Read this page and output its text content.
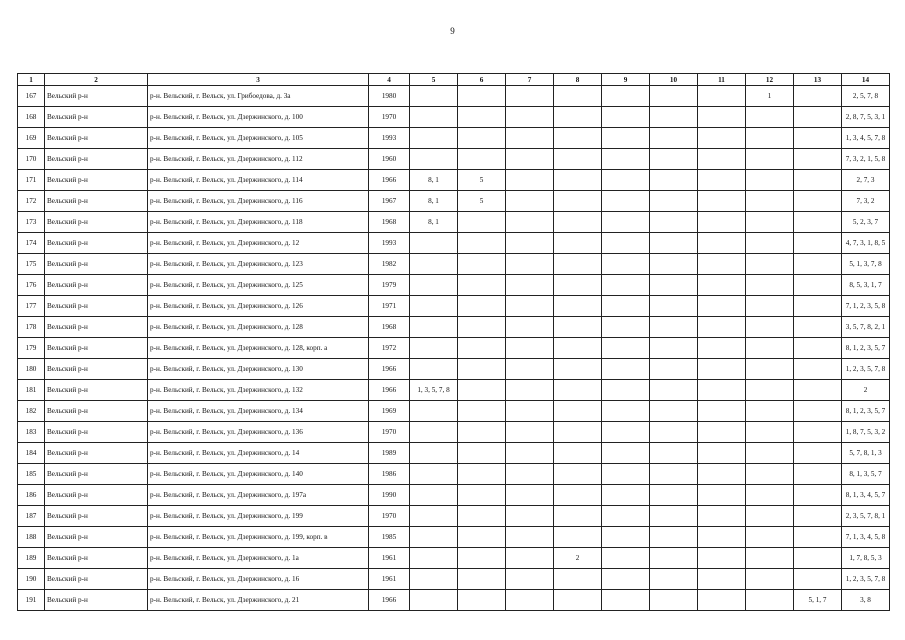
9
1	2	3	4	5	6	7	8	9	10	11	12	13	14
167	Вельский р-н	р-н. Вельский, г. Вельск, ул. Грибоедова, д. 3а	1980								1		2, 5, 7, 8
168	Вельский р-н	р-н. Вельский, г. Вельск, ул. Дзержинского, д. 100	1970										2, 8, 7, 5, 3, 1
169	Вельский р-н	р-н. Вельский, г. Вельск, ул. Дзержинского, д. 105	1993										1, 3, 4, 5, 7, 8
170	Вельский р-н	р-н. Вельский, г. Вельск, ул. Дзержинского, д. 112	1960										7, 3, 2, 1, 5, 8
171	Вельский р-н	р-н. Вельский, г. Вельск, ул. Дзержинского, д. 114	1966	8, 1	5								2, 7, 3
172	Вельский р-н	р-н. Вельский, г. Вельск, ул. Дзержинского, д. 116	1967	8, 1	5								7, 3, 2
173	Вельский р-н	р-н. Вельский, г. Вельск, ул. Дзержинского, д. 118	1968	8, 1									5, 2, 3, 7
174	Вельский р-н	р-н. Вельский, г. Вельск, ул. Дзержинского, д. 12	1993										4, 7, 3, 1, 8, 5
175	Вельский р-н	р-н. Вельский, г. Вельск, ул. Дзержинского, д. 123	1982										5, 1, 3, 7, 8
176	Вельский р-н	р-н. Вельский, г. Вельск, ул. Дзержинского, д. 125	1979										8, 5, 3, 1, 7
177	Вельский р-н	р-н. Вельский, г. Вельск, ул. Дзержинского, д. 126	1971										7, 1, 2, 3, 5, 8
178	Вельский р-н	р-н. Вельский, г. Вельск, ул. Дзержинского, д. 128	1968										3, 5, 7, 8, 2, 1
179	Вельский р-н	р-н. Вельский, г. Вельск, ул. Дзержинского, д. 128, корп. а	1972										8, 1, 2, 3, 5, 7
180	Вельский р-н	р-н. Вельский, г. Вельск, ул. Дзержинского, д. 130	1966										1, 2, 3, 5, 7, 8
181	Вельский р-н	р-н. Вельский, г. Вельск, ул. Дзержинского, д. 132	1966	1, 3, 5, 7, 8									2
182	Вельский р-н	р-н. Вельский, г. Вельск, ул. Дзержинского, д. 134	1969										8, 1, 2, 3, 5, 7
183	Вельский р-н	р-н. Вельский, г. Вельск, ул. Дзержинского, д. 136	1970										1, 8, 7, 5, 3, 2
184	Вельский р-н	р-н. Вельский, г. Вельск, ул. Дзержинского, д. 14	1989										5, 7, 8, 1, 3
185	Вельский р-н	р-н. Вельский, г. Вельск, ул. Дзержинского, д. 140	1986										8, 1, 3, 5, 7
186	Вельский р-н	р-н. Вельский, г. Вельск, ул. Дзержинского, д. 197а	1990										8, 1, 3, 4, 5, 7
187	Вельский р-н	р-н. Вельский, г. Вельск, ул. Дзержинского, д. 199	1970										2, 3, 5, 7, 8, 1
188	Вельский р-н	р-н. Вельский, г. Вельск, ул. Дзержинского, д. 199, корп. в	1985										7, 1, 3, 4, 5, 8
189	Вельский р-н	р-н. Вельский, г. Вельск, ул. Дзержинского, д. 1а	1961				2						1, 7, 8, 5, 3
190	Вельский р-н	р-н. Вельский, г. Вельск, ул. Дзержинского, д. 16	1961										1, 2, 3, 5, 7, 8
191	Вельский р-н	р-н. Вельский, г. Вельск, ул. Дзержинского, д. 21	1966									5, 1, 7	3, 8
